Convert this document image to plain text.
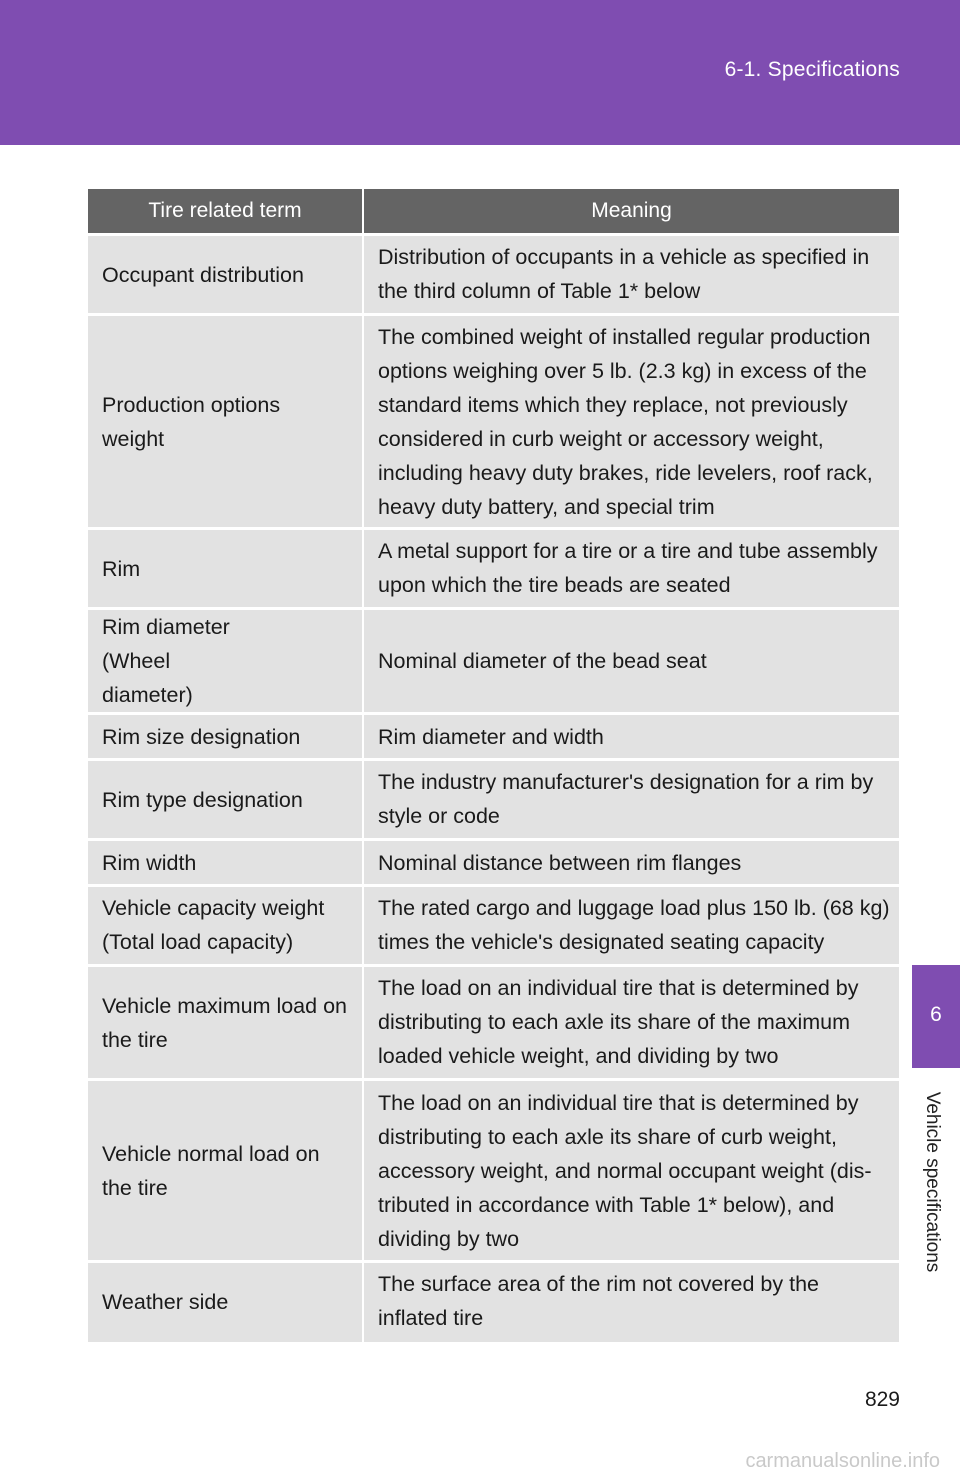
6-1. Specifications
6
Vehicle specifications
Tire related term	Meaning
Occupant distribution	Distribution of occupants in a vehicle as specified in the third column of Table 1* below
Production options weight	The combined weight of installed regular production options weighing over 5 lb. (2.3 kg) in excess of the standard items which they replace, not previously considered in curb weight or accessory weight, including heavy duty brakes, ride levelers, roof rack, heavy duty battery, and special trim
Rim	A metal support for a tire or a tire and tube assembly upon which the tire beads are seated
Rim diameter (Wheel diameter)	Nominal diameter of the bead seat
Rim size designation	Rim diameter and width
Rim type designation	The industry manufacturer's designation for a rim by style or code
Rim width	Nominal distance between rim flanges
Vehicle capacity weight (Total load capacity)	The rated cargo and luggage load plus 150 lb. (68 kg) times the vehicle's designated seating capacity
Vehicle maximum load on the tire	The load on an individual tire that is determined by distributing to each axle its share of the maximum loaded vehicle weight, and dividing by two
Vehicle normal load on the tire	The load on an individual tire that is determined by distributing to each axle its share of curb weight, accessory weight, and normal occupant weight (dis-tributed in accordance with Table 1* below), and dividing by two
Weather side	The surface area of the rim not covered by the inflated tire
829
carmanualsonline.info
